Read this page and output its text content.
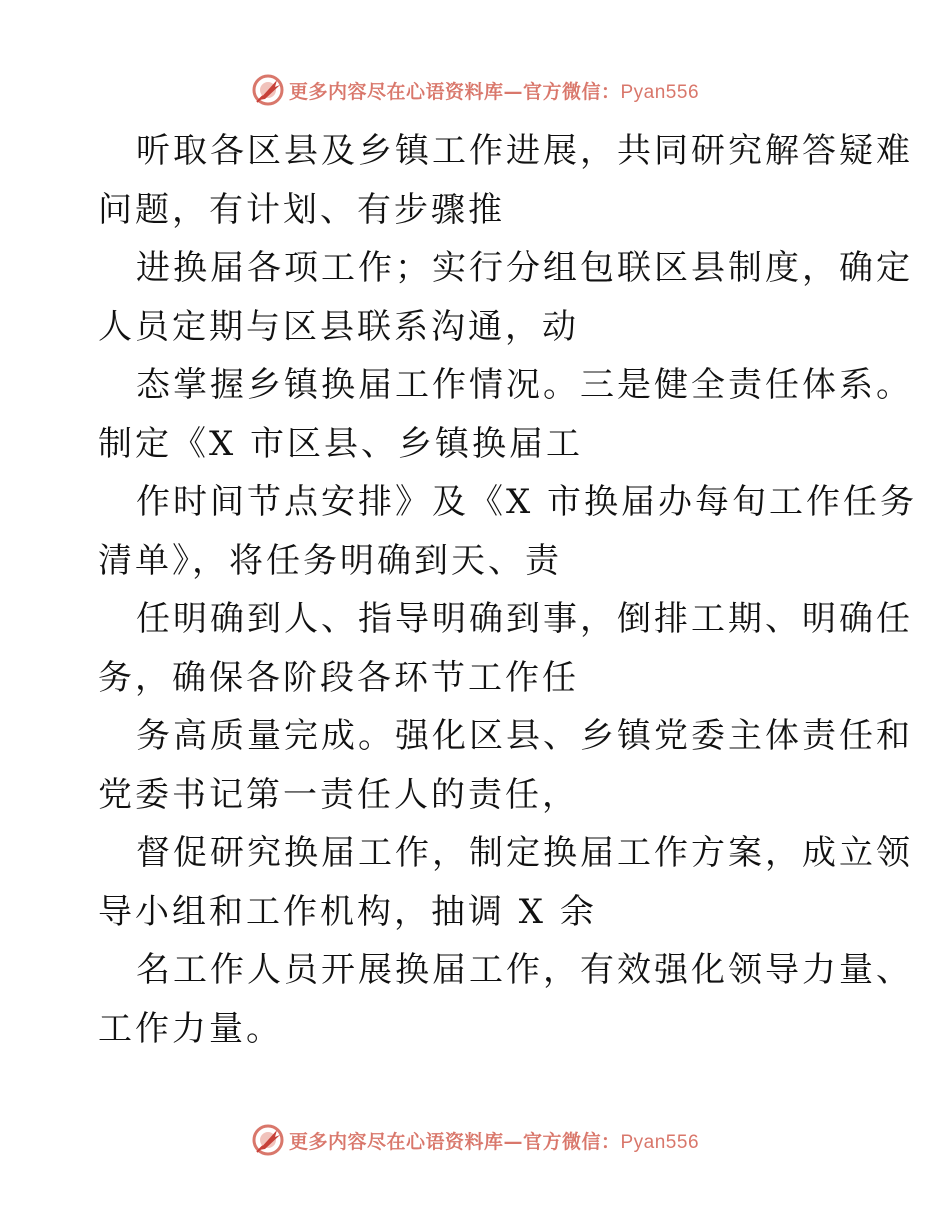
更多内容尽在心语资料库—官方微信：Pyan556
听取各区县及乡镇工作进展，共同研究解答疑难
问题，有计划、有步骤推
进换届各项工作；实行分组包联区县制度，确定
人员定期与区县联系沟通，动
态掌握乡镇换届工作情况。三是健全责任体系。
制定《X 市区县、乡镇换届工
作时间节点安排》及《X 市换届办每旬工作任务
清单》，将任务明确到天、责
任明确到人、指导明确到事，倒排工期、明确任
务，确保各阶段各环节工作任
务高质量完成。强化区县、乡镇党委主体责任和
党委书记第一责任人的责任，
督促研究换届工作，制定换届工作方案，成立领
导小组和工作机构，抽调 X 余
名工作人员开展换届工作，有效强化领导力量、
工作力量。
更多内容尽在心语资料库—官方微信：Pyan556
